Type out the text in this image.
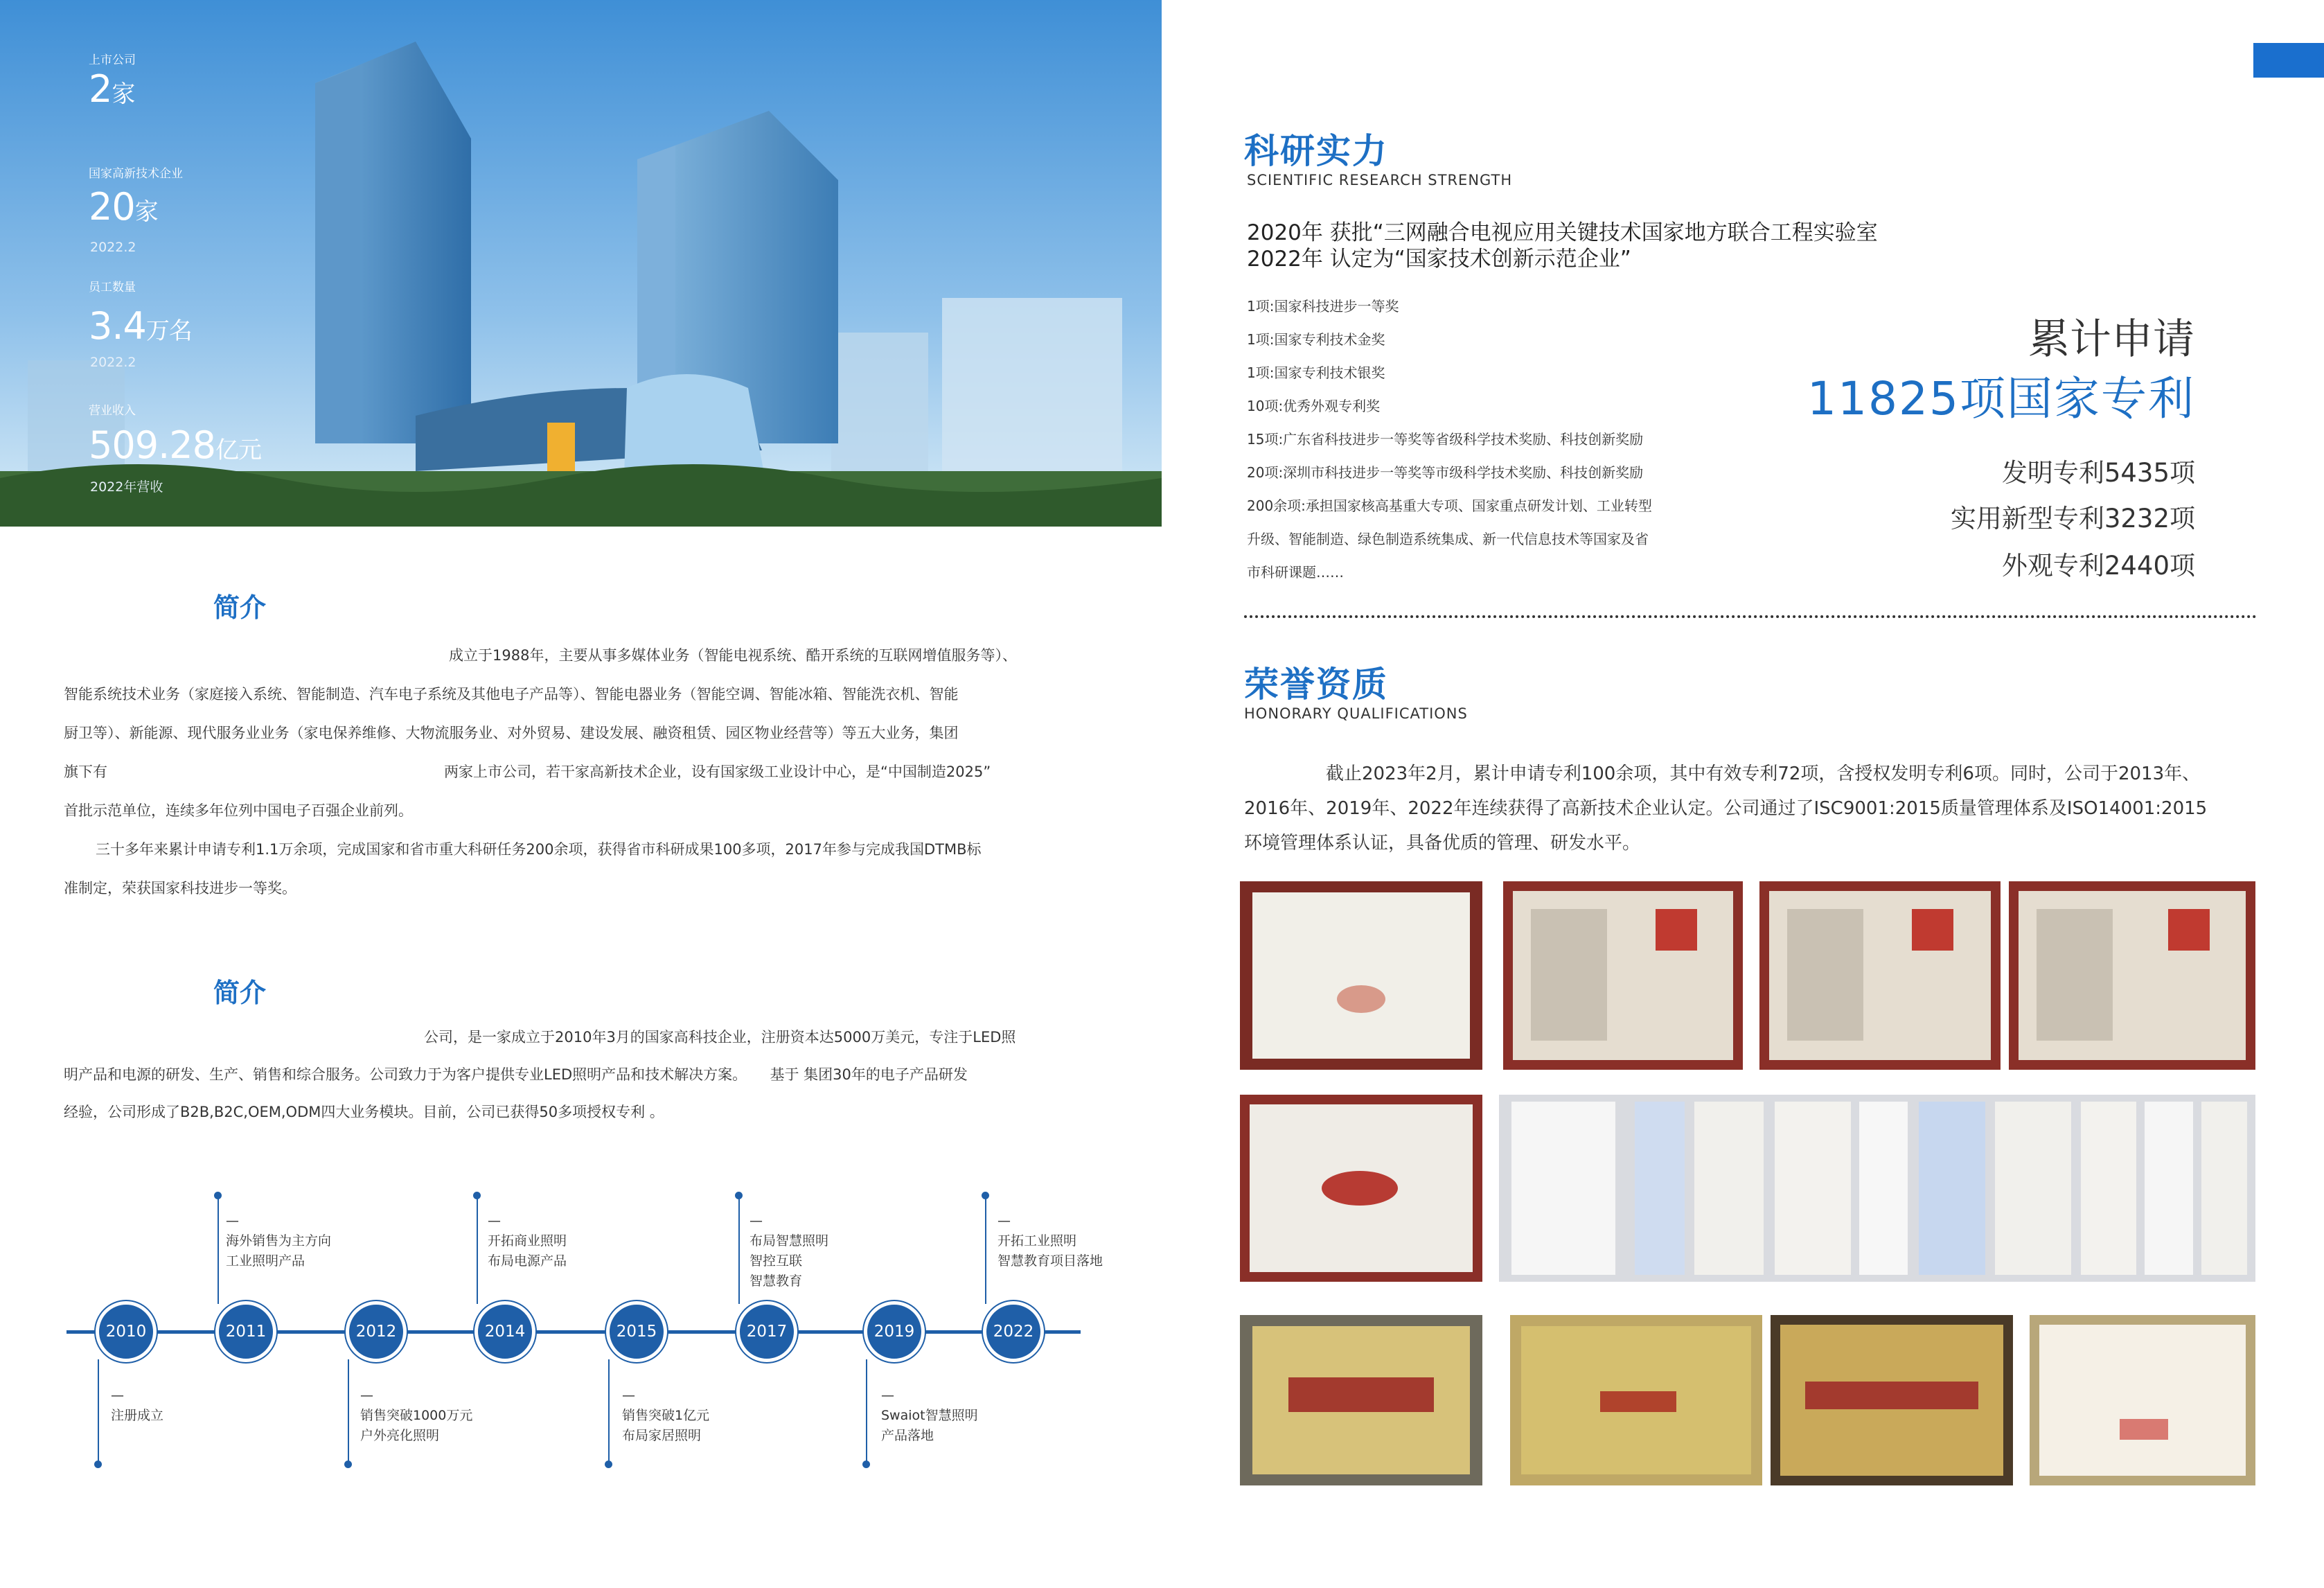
上市公司
2家
国家高新技术企业
20家
2022.2
员工数量
3.4万名
2022.2
营业收入
509.28亿元
2022年营收
简介
成立于1988年，主要从事多媒体业务（智能电视系统、酷开系统的互联网增值服务等）、
智能系统技术业务（家庭接入系统、智能制造、汽车电子系统及其他电子产品等）、智能电器业务（智能空调、智能冰箱、智能洗衣机、智能
厨卫等）、新能源、现代服务业业务（家电保养维修、大物流服务业、对外贸易、建设发展、融资租赁、园区物业经营等）等五大业务，集团
旗下有	两家上市公司，若干家高新技术企业，设有国家级工业设计中心，是“中国制造2025”
首批示范单位，连续多年位列中国电子百强企业前列。
三十多年来累计申请专利1.1万余项，完成国家和省市重大科研任务200余项，获得省市科研成果100多项，2017年参与完成我国DTMB标
准制定，荣获国家科技进步一等奖。
简介
公司，是一家成立于2010年3月的国家高科技企业，注册资本达5000万美元，专注于LED照
明产品和电源的研发、生产、销售和综合服务。公司致力于为客户提供专业LED照明产品和技术解决方案。     基于 集团30年的电子产品研发
经验，公司形成了B2B,B2C,OEM,ODM四大业务模块。目前，公司已获得50多项授权专利 。
2010	2011	2012	2014	2015	2017	2019	2022
—
注册成立
—
海外销售为主方向
工业照明产品
—
销售突破1000万元
户外亮化照明
—
开拓商业照明
布局电源产品
—
销售突破1亿元
布局家居照明
—
布局智慧照明
智控互联
智慧教育
—
Swaiot智慧照明
产品落地
—
开拓工业照明
智慧教育项目落地
科研实力
SCIENTIFIC RESEARCH STRENGTH
2020年 获批“三网融合电视应用关键技术国家地方联合工程实验室
2022年 认定为“国家技术创新示范企业”
1项:国家科技进步一等奖
1项:国家专利技术金奖
1项:国家专利技术银奖
10项:优秀外观专利奖
15项:广东省科技进步一等奖等省级科学技术奖励、科技创新奖励
20项:深圳市科技进步一等奖等市级科学技术奖励、科技创新奖励
200余项:承担国家核高基重大专项、国家重点研发计划、工业转型
升级、智能制造、绿色制造系统集成、新一代信息技术等国家及省
市科研课题……
累计申请
11825项国家专利
发明专利5435项
实用新型专利3232项
外观专利2440项
荣誉资质
HONORARY QUALIFICATIONS
截止2023年2月，累计申请专利100余项，其中有效专利72项，含授权发明专利6项。同时，公司于2013年、
2016年、2019年、2022年连续获得了高新技术企业认定。公司通过了ISC9001:2015质量管理体系及ISO14001:2015
环境管理体系认证，具备优质的管理、研发水平。
